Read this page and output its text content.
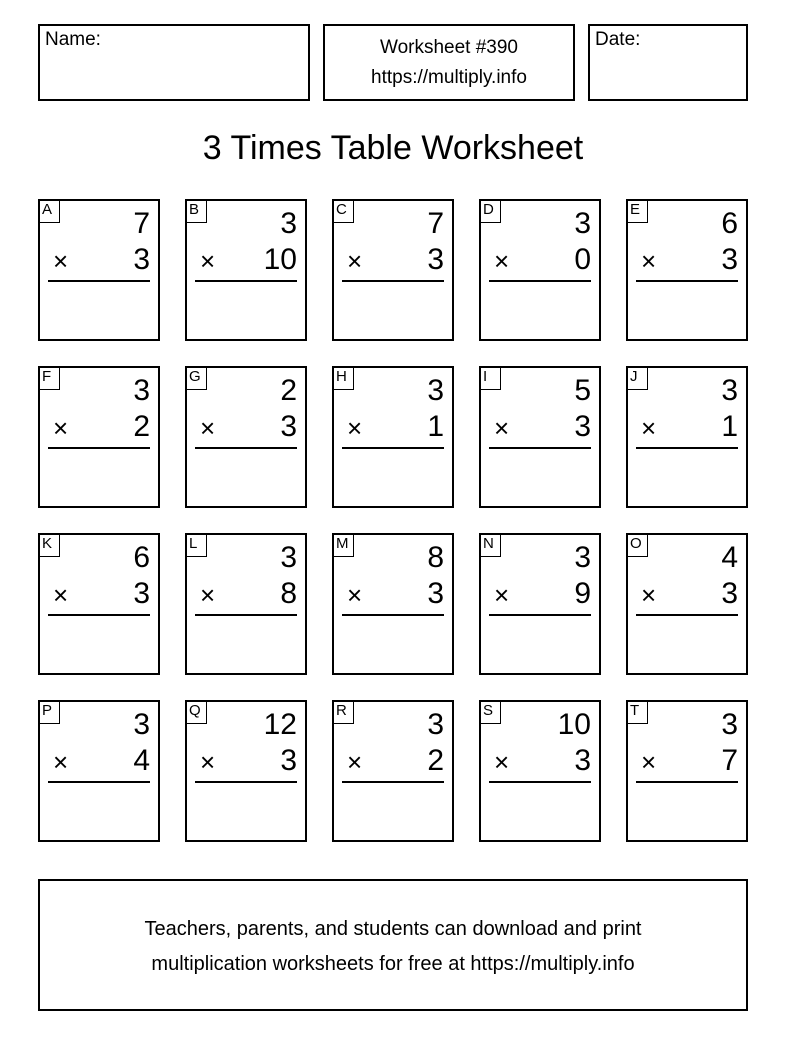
Name:	Worksheet #390
https://multiply.info
Date:
3 Times Table Worksheet
A	7
× 3
B	3
× 10
C	7
× 3
D	3
× 0
E	6
× 3
F	3
× 2
G	2
× 3
H	3
× 1
I	5
× 3
J	3
× 1
K	6
× 3
L	3
× 8
M	8
× 3
N	3
× 9
O	4
× 3
P	3
× 4
Q 12
× 3
R	3
× 2
S 10
× 3
T	3
× 7
Teachers, parents, and students can download and print
multiplication worksheets for free at https://multiply.info
